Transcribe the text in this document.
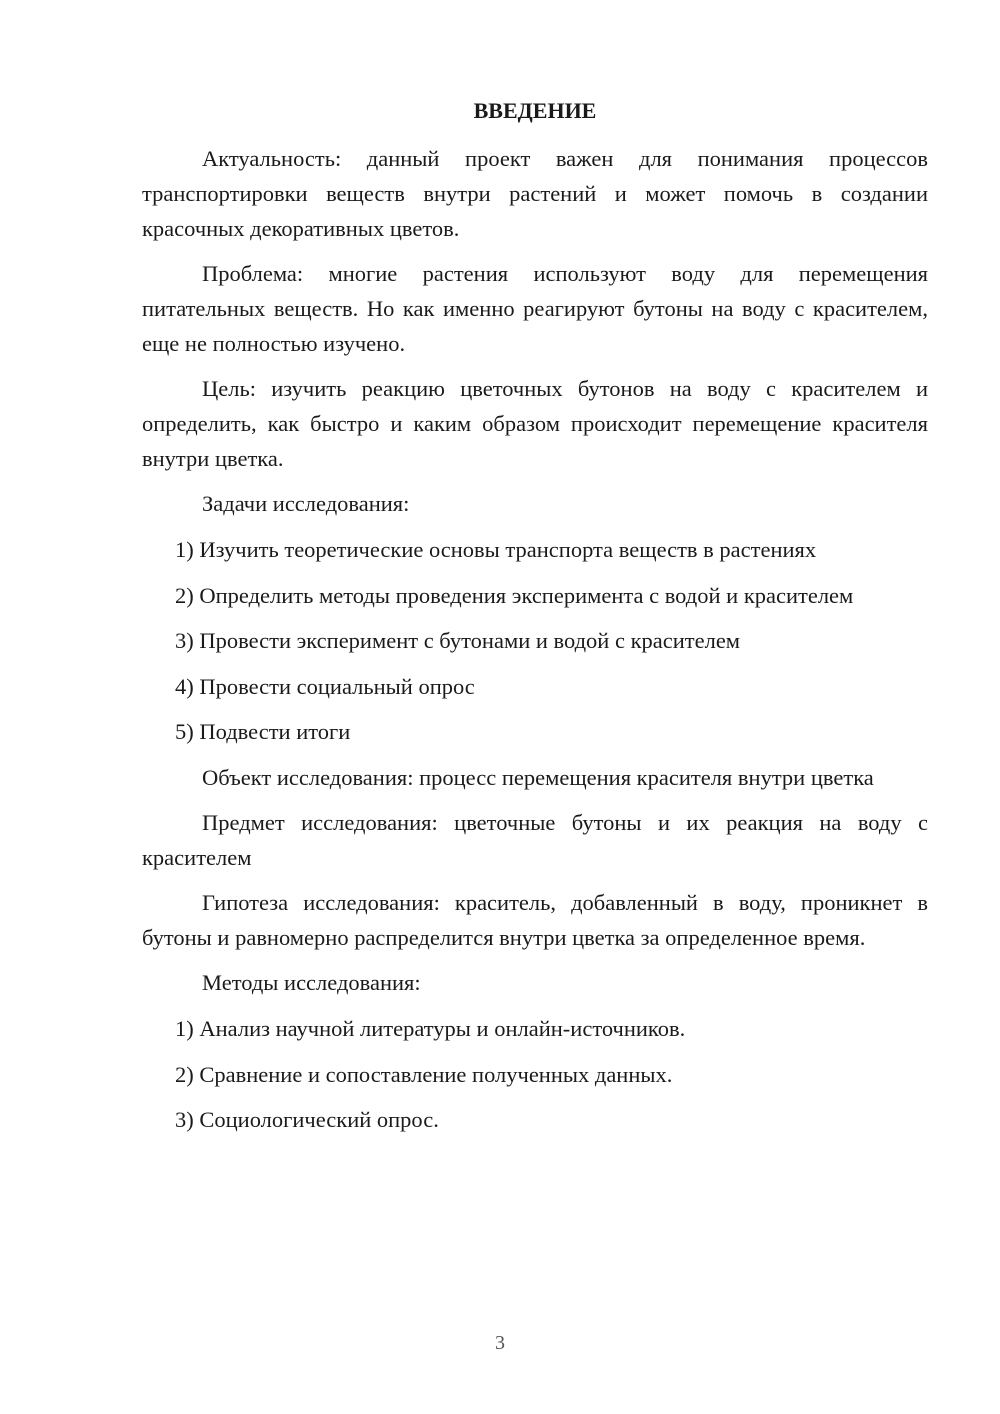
ВВЕДЕНИЕ

Актуальность: данный проект важен для понимания процессов транспортировки веществ внутри растений и может помочь в создании красочных декоративных цветов.

Проблема: многие растения используют воду для перемещения питательных веществ. Но как именно реагируют бутоны на воду с красителем, еще не полностью изучено.

Цель: изучить реакцию цветочных бутонов на воду с красителем и определить, как быстро и каким образом происходит перемещение красителя внутри цветка.

Задачи исследования:

1) Изучить теоретические основы транспорта веществ в растениях
2) Определить методы проведения эксперимента с водой и красителем
3) Провести эксперимент с бутонами и водой с красителем
4) Провести социальный опрос
5) Подвести итоги

Объект исследования: процесс перемещения красителя внутри цветка

Предмет исследования: цветочные бутоны и их реакция на воду с красителем

Гипотеза исследования: краситель, добавленный в воду, проникнет в бутоны и равномерно распределится внутри цветка за определенное время.

Методы исследования:

1) Анализ научной литературы и онлайн-источников.
2) Сравнение и сопоставление полученных данных.
3) Социологический опрос.
3
